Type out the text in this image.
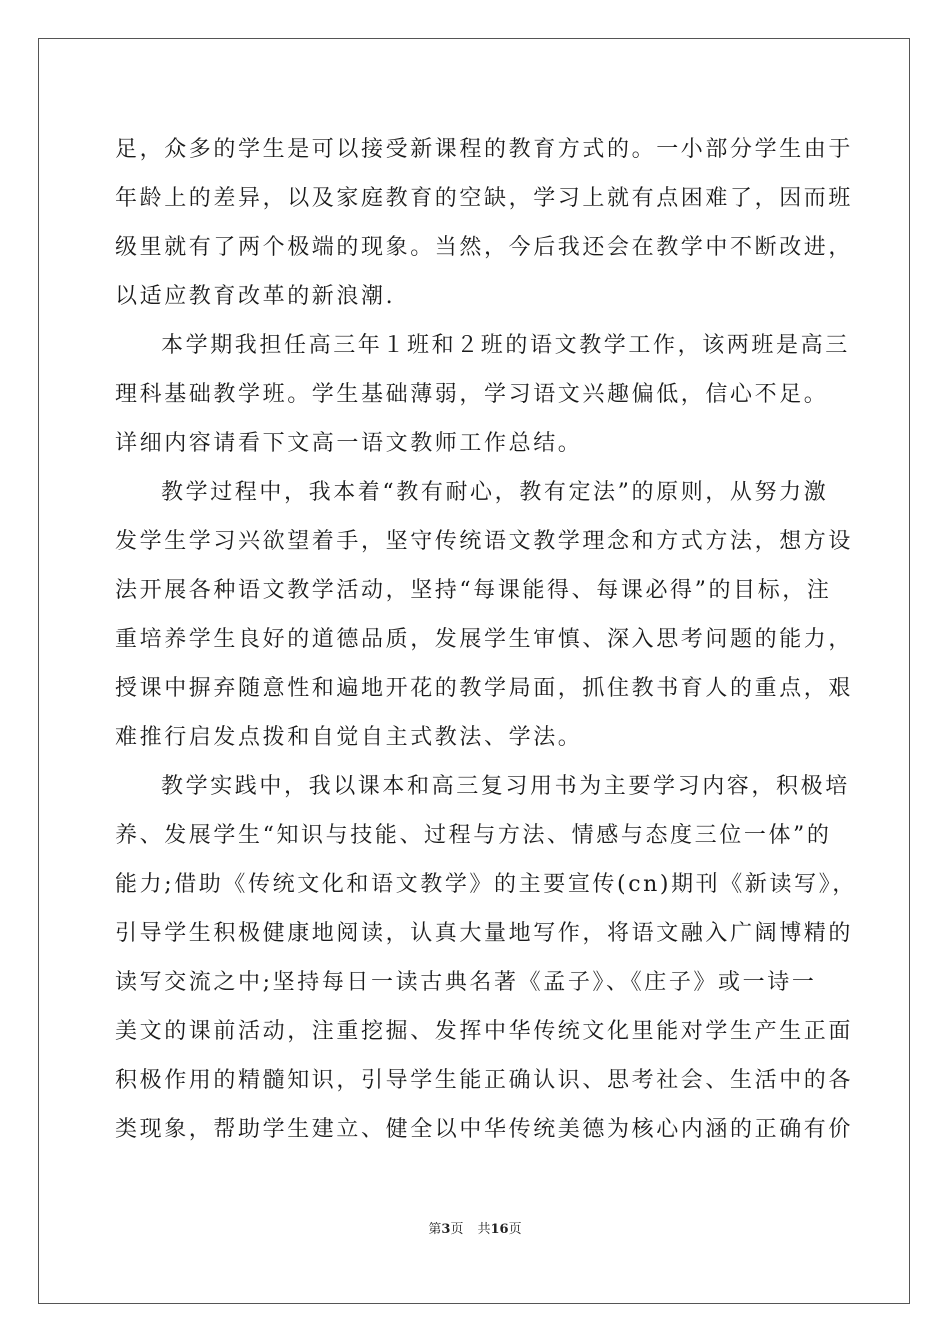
足，众多的学生是可以接受新课程的教育方式的。一小部分学生由于
年龄上的差异，以及家庭教育的空缺，学习上就有点困难了，因而班
级里就有了两个极端的现象。当然，今后我还会在教学中不断改进，
以适应教育改革的新浪潮.
本学期我担任高三年１班和２班的语文教学工作，该两班是高三
理科基础教学班。学生基础薄弱，学习语文兴趣偏低，信心不足。
详细内容请看下文高一语文教师工作总结。
教学过程中，我本着“教有耐心，教有定法”的原则，从努力激
发学生学习兴欲望着手，坚守传统语文教学理念和方式方法，想方设
法开展各种语文教学活动，坚持“每课能得、每课必得”的目标，注
重培养学生良好的道德品质，发展学生审慎、深入思考问题的能力，
授课中摒弃随意性和遍地开花的教学局面，抓住教书育人的重点，艰
难推行启发点拨和自觉自主式教法、学法。
教学实践中，我以课本和高三复习用书为主要学习内容，积极培
养、发展学生“知识与技能、过程与方法、情感与态度三位一体”的
能力;借助《传统文化和语文教学》的主要宣传(cn)期刊《新读写》，
引导学生积极健康地阅读，认真大量地写作，将语文融入广阔博精的
读写交流之中;坚持每日一读古典名著《孟子》、《庄子》或一诗一
美文的课前活动，注重挖掘、发挥中华传统文化里能对学生产生正面
积极作用的精髓知识，引导学生能正确认识、思考社会、生活中的各
类现象，帮助学生建立、健全以中华传统美德为核心内涵的正确有价
第3页 共16页
